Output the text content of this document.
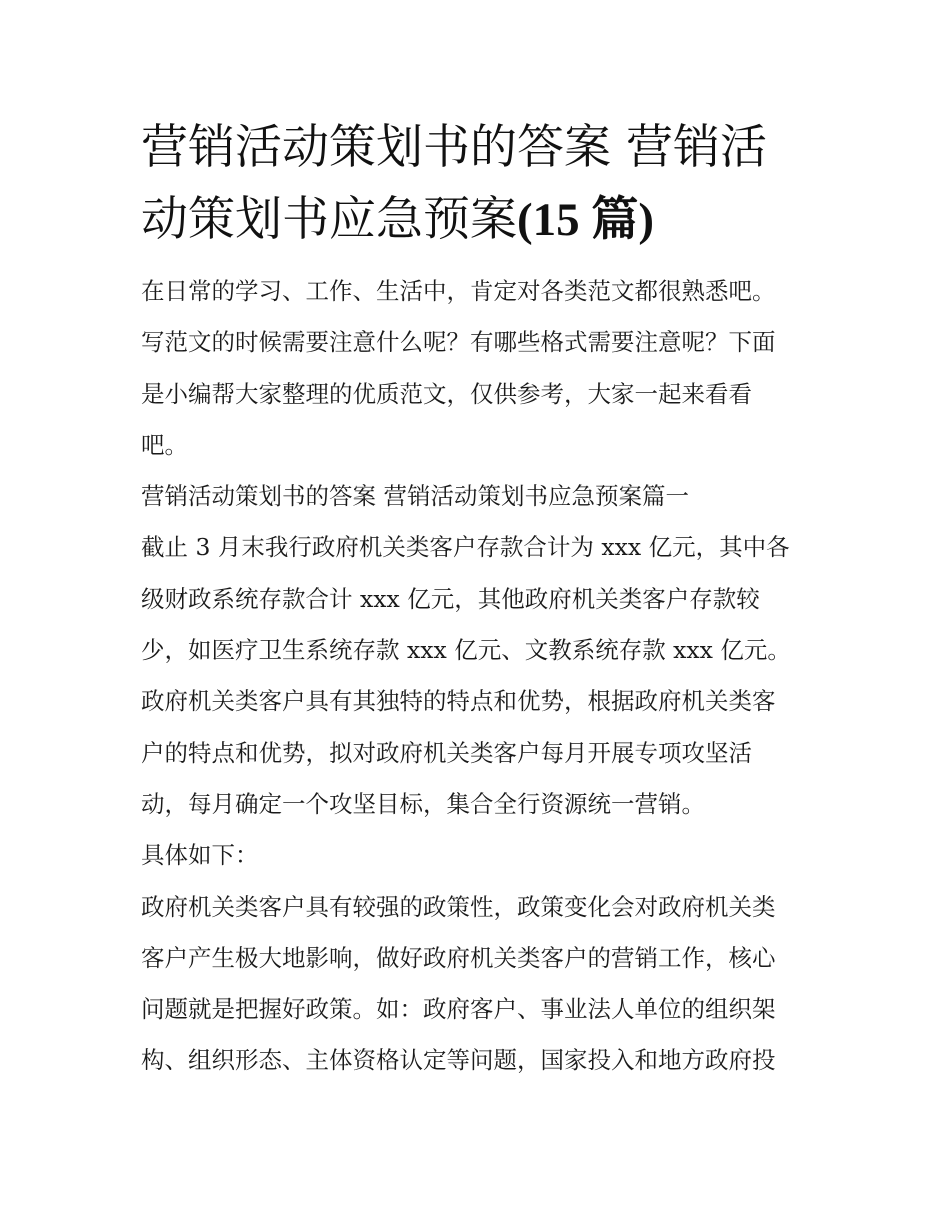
营销活动策划书的答案 营销活
动策划书应急预案(15 篇)
在日常的学习、工作、生活中，肯定对各类范文都很熟悉吧。
写范文的时候需要注意什么呢？有哪些格式需要注意呢？下面
是小编帮大家整理的优质范文，仅供参考，大家一起来看看
吧。
营销活动策划书的答案 营销活动策划书应急预案篇一
截止 3 月末我行政府机关类客户存款合计为 xxx 亿元，其中各
级财政系统存款合计 xxx 亿元，其他政府机关类客户存款较
少，如医疗卫生系统存款 xxx 亿元、文教系统存款 xxx 亿元。
政府机关类客户具有其独特的特点和优势，根据政府机关类客
户的特点和优势，拟对政府机关类客户每月开展专项攻坚活
动，每月确定一个攻坚目标，集合全行资源统一营销。
具体如下：
政府机关类客户具有较强的政策性，政策变化会对政府机关类
客户产生极大地影响，做好政府机关类客户的营销工作，核心
问题就是把握好政策。如：政府客户、事业法人单位的组织架
构、组织形态、主体资格认定等问题，国家投入和地方政府投
